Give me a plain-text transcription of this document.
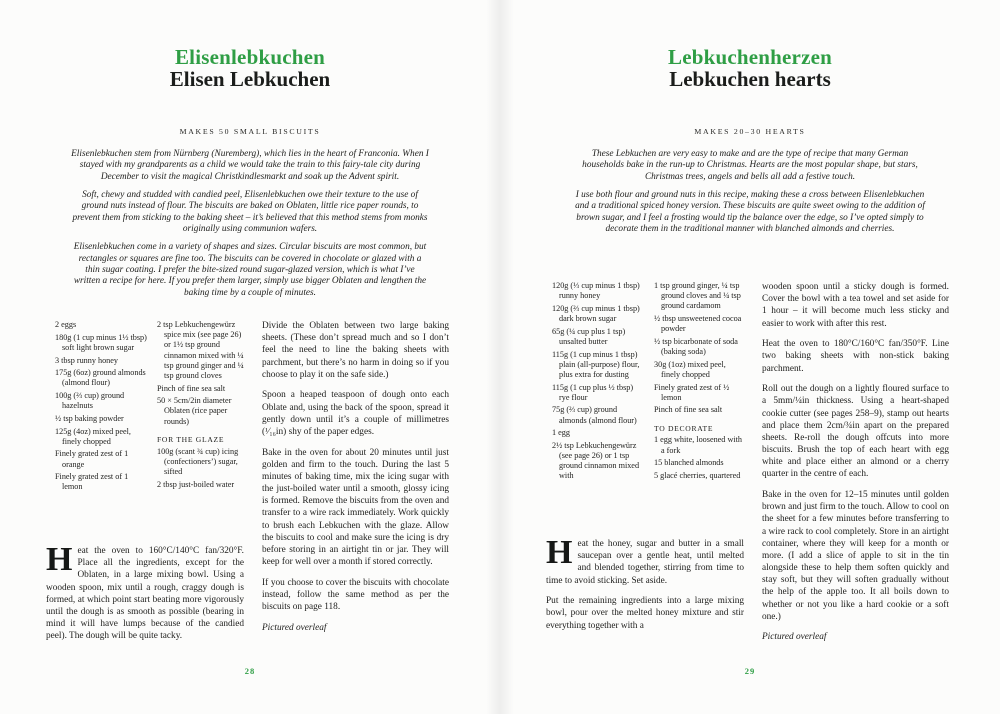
Elisenlebkuchen
Elisen Lebkuchen
MAKES 50 SMALL BISCUITS

Elisenlebkuchen stem from Nürnberg (Nuremberg), which lies in the heart of Franconia. When I stayed with my grandparents as a child we would take the train to this fairy-tale city during December to visit the magical Christkindlesmarkt and soak up the Advent spirit.

Soft, chewy and studded with candied peel, Elisenlebkuchen owe their texture to the use of ground nuts instead of flour. The biscuits are baked on Oblaten, little rice paper rounds, to prevent them from sticking to the baking sheet – it’s believed that this method stems from monks originally using communion wafers.

Elisenlebkuchen come in a variety of shapes and sizes. Circular biscuits are most common, but rectangles or squares are fine too. The biscuits can be covered in chocolate or glazed with a thin sugar coating. I prefer the bite-sized round sugar-glazed version, which is what I’ve written a recipe for here. If you prefer them larger, simply use bigger Oblaten and lengthen the baking time by a couple of minutes.

2 eggs
180g (1 cup minus 1½ tbsp) soft light brown sugar
3 tbsp runny honey
175g (6oz) ground almonds (almond flour)
100g (⅔ cup) ground hazelnuts
½ tsp baking powder
125g (4oz) mixed peel, finely chopped
Finely grated zest of 1 orange
Finely grated zest of 1 lemon
2 tsp Lebkuchengewürz spice mix (see page 26) or 1½ tsp ground cinnamon mixed with ¼ tsp ground ginger and ¼ tsp ground cloves
Pinch of fine sea salt
50 × 5cm/2in diameter Oblaten (rice paper rounds)
FOR THE GLAZE
100g (scant ¾ cup) icing (confectioners’) sugar, sifted
2 tbsp just-boiled water

Heat the oven to 160°C/140°C fan/320°F. Place all the ingredients, except for the Oblaten, in a large mixing bowl. Using a wooden spoon, mix until a rough, craggy dough is formed, at which point start beating more vigorously until the dough is as smooth as possible (bearing in mind it will have lumps because of the candied peel). The dough will be quite tacky.

Divide the Oblaten between two large baking sheets. (These don’t spread much and so I don’t feel the need to line the baking sheets with parchment, but there’s no harm in doing so if you choose to play it on the safe side.)

Spoon a heaped teaspoon of dough onto each Oblate and, using the back of the spoon, spread it gently down until it’s a couple of millimetres (¹⁄₁₆in) shy of the paper edges.

Bake in the oven for about 20 minutes until just golden and firm to the touch. During the last 5 minutes of baking time, mix the icing sugar with the just-boiled water until a smooth, glossy icing is formed. Remove the biscuits from the oven and transfer to a wire rack immediately. Work quickly to brush each Lebkuchen with the glaze. Allow the biscuits to cool and make sure the icing is dry before storing in an airtight tin or jar. They will keep for well over a month if stored correctly.

If you choose to cover the biscuits with chocolate instead, follow the same method as per the biscuits on page 118.

Pictured overleaf

28
Lebkuchenherzen
Lebkuchen hearts
MAKES 20–30 HEARTS

These Lebkuchen are very easy to make and are the type of recipe that many German households bake in the run-up to Christmas. Hearts are the most popular shape, but stars, Christmas trees, angels and bells all add a festive touch.

I use both flour and ground nuts in this recipe, making these a cross between Elisenlebkuchen and a traditional spiced honey version. These biscuits are quite sweet owing to the addition of brown sugar, and I feel a frosting would tip the balance over the edge, so I’ve opted simply to decorate them in the traditional manner with blanched almonds and cherries.

120g (⅓ cup minus 1 tbsp) runny honey
120g (⅔ cup minus 1 tbsp) dark brown sugar
65g (¼ cup plus 1 tsp) unsalted butter
115g (1 cup minus 1 tbsp) plain (all-purpose) flour, plus extra for dusting
115g (1 cup plus ½ tbsp) rye flour
75g (⅔ cup) ground almonds (almond flour)
1 egg
2½ tsp Lebkuchengewürz (see page 26) or 1 tsp ground cinnamon mixed with
1 tsp ground ginger, ¼ tsp ground cloves and ¼ tsp ground cardamom
½ tbsp unsweetened cocoa powder
½ tsp bicarbonate of soda (baking soda)
30g (1oz) mixed peel, finely chopped
Finely grated zest of ½ lemon
Pinch of fine sea salt
TO DECORATE
1 egg white, loosened with a fork
15 blanched almonds
5 glacé cherries, quartered

Heat the honey, sugar and butter in a small saucepan over a gentle heat, until melted and blended together, stirring from time to time to avoid sticking. Set aside.

Put the remaining ingredients into a large mixing bowl, pour over the melted honey mixture and stir everything together with a

wooden spoon until a sticky dough is formed. Cover the bowl with a tea towel and set aside for 1 hour – it will become much less sticky and easier to work with after this rest.

Heat the oven to 180°C/160°C fan/350°F. Line two baking sheets with non-stick baking parchment.

Roll out the dough on a lightly floured surface to a 5mm/¼in thickness. Using a heart-shaped cookie cutter (see pages 258–9), stamp out hearts and place them 2cm/¾in apart on the prepared sheets. Re-roll the dough offcuts into more biscuits. Brush the top of each heart with egg white and place either an almond or a cherry quarter in the centre of each.

Bake in the oven for 12–15 minutes until golden brown and just firm to the touch. Allow to cool on the sheet for a few minutes before transferring to a wire rack to cool completely. Store in an airtight container, where they will keep for a month or more. (I add a slice of apple to sit in the tin alongside these to help them soften quickly and stay soft, but they will soften gradually without the help of the apple too. It all boils down to whether or not you like a hard cookie or a soft one.)

Pictured overleaf

29
